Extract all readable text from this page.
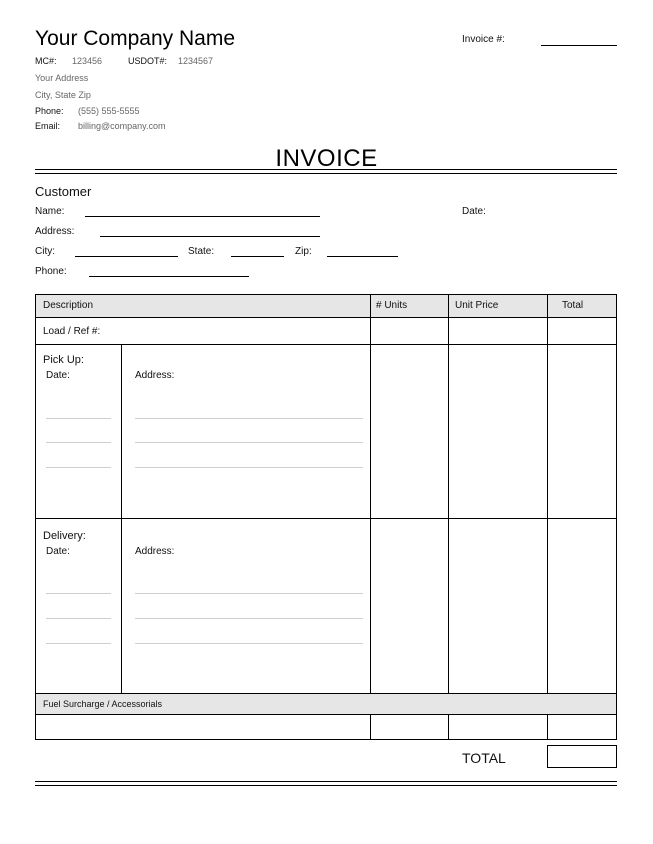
Your Company Name
MC#: 123456	USDOT#: 1234567
Your Address
City, State Zip
Phone: (555) 555-5555
Email: billing@company.com
Invoice #:
INVOICE
Customer
Name:	Date:
Address:
City:	State:	Zip:
Phone:
Description	# Units	Unit Price	Total
Load / Ref #:
Pick Up:
Date:	Address:
Delivery:
Date:	Address:
Fuel Surcharge / Accessorials
TOTAL
